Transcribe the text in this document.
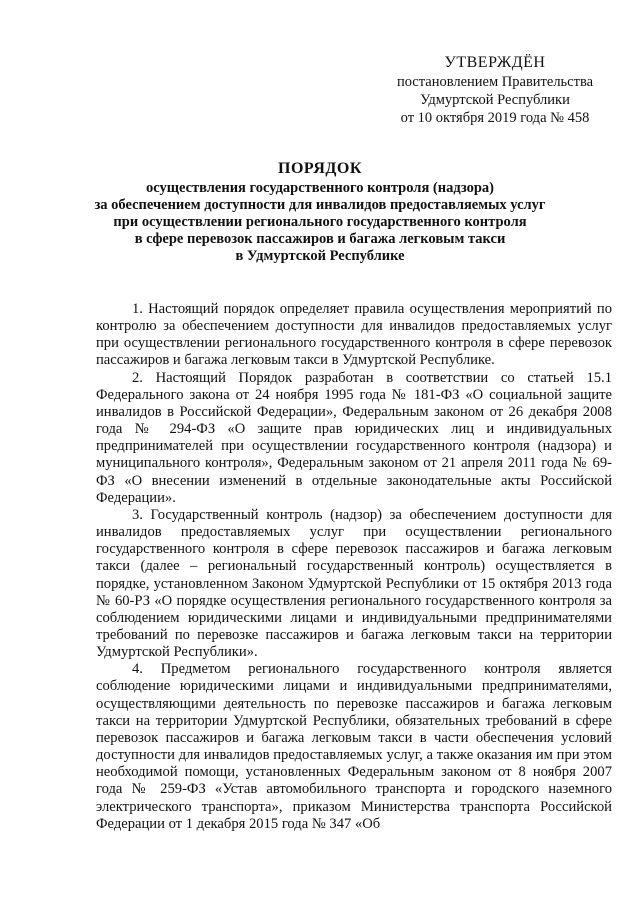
УТВЕРЖДЁН
постановлением Правительства
Удмуртской Республики
от 10 октября 2019 года № 458
ПОРЯДОК
осуществления государственного контроля (надзора)
за обеспечением доступности для инвалидов предоставляемых услуг
при осуществлении регионального государственного контроля
в сфере перевозок пассажиров и багажа легковым такси
в Удмуртской Республике

1. Настоящий порядок определяет правила осуществления мероприятий по контролю за обеспечением доступности для инвалидов предоставляемых услуг при осуществлении регионального государственного контроля в сфере перевозок пассажиров и багажа легковым такси в Удмуртской Республике.

2. Настоящий Порядок разработан в соответствии со статьей 15.1 Федерального закона от 24 ноября 1995 года № 181-ФЗ «О социальной защите инвалидов в Российской Федерации», Федеральным законом от 26 декабря 2008 года № 294-ФЗ «О защите прав юридических лиц и индивидуальных предпринимателей при осуществлении государственного контроля (надзора) и муниципального контроля», Федеральным законом от 21 апреля 2011 года № 69-ФЗ «О внесении изменений в отдельные законодательные акты Российской Федерации».

3. Государственный контроль (надзор) за обеспечением доступности для инвалидов предоставляемых услуг при осуществлении регионального государственного контроля в сфере перевозок пассажиров и багажа легковым такси (далее – региональный государственный контроль) осуществляется в порядке, установленном Законом Удмуртской Республики от 15 октября 2013 года № 60-РЗ «О порядке осуществления регионального государственного контроля за соблюдением юридическими лицами и индивидуальными предпринимателями требований по перевозке пассажиров и багажа легковым такси на территории Удмуртской Республики».

4. Предметом регионального государственного контроля является соблюдение юридическими лицами и индивидуальными предпринимателями, осуществляющими деятельность по перевозке пассажиров и багажа легковым такси на территории Удмуртской Республики, обязательных требований в сфере перевозок пассажиров и багажа легковым такси в части обеспечения условий доступности для инвалидов предоставляемых услуг, а также оказания им при этом необходимой помощи, установленных Федеральным законом от 8 ноября 2007 года № 259-ФЗ «Устав автомобильного транспорта и городского наземного электрического транспорта», приказом Министерства транспорта Российской Федерации от 1 декабря 2015 года № 347 «Об
